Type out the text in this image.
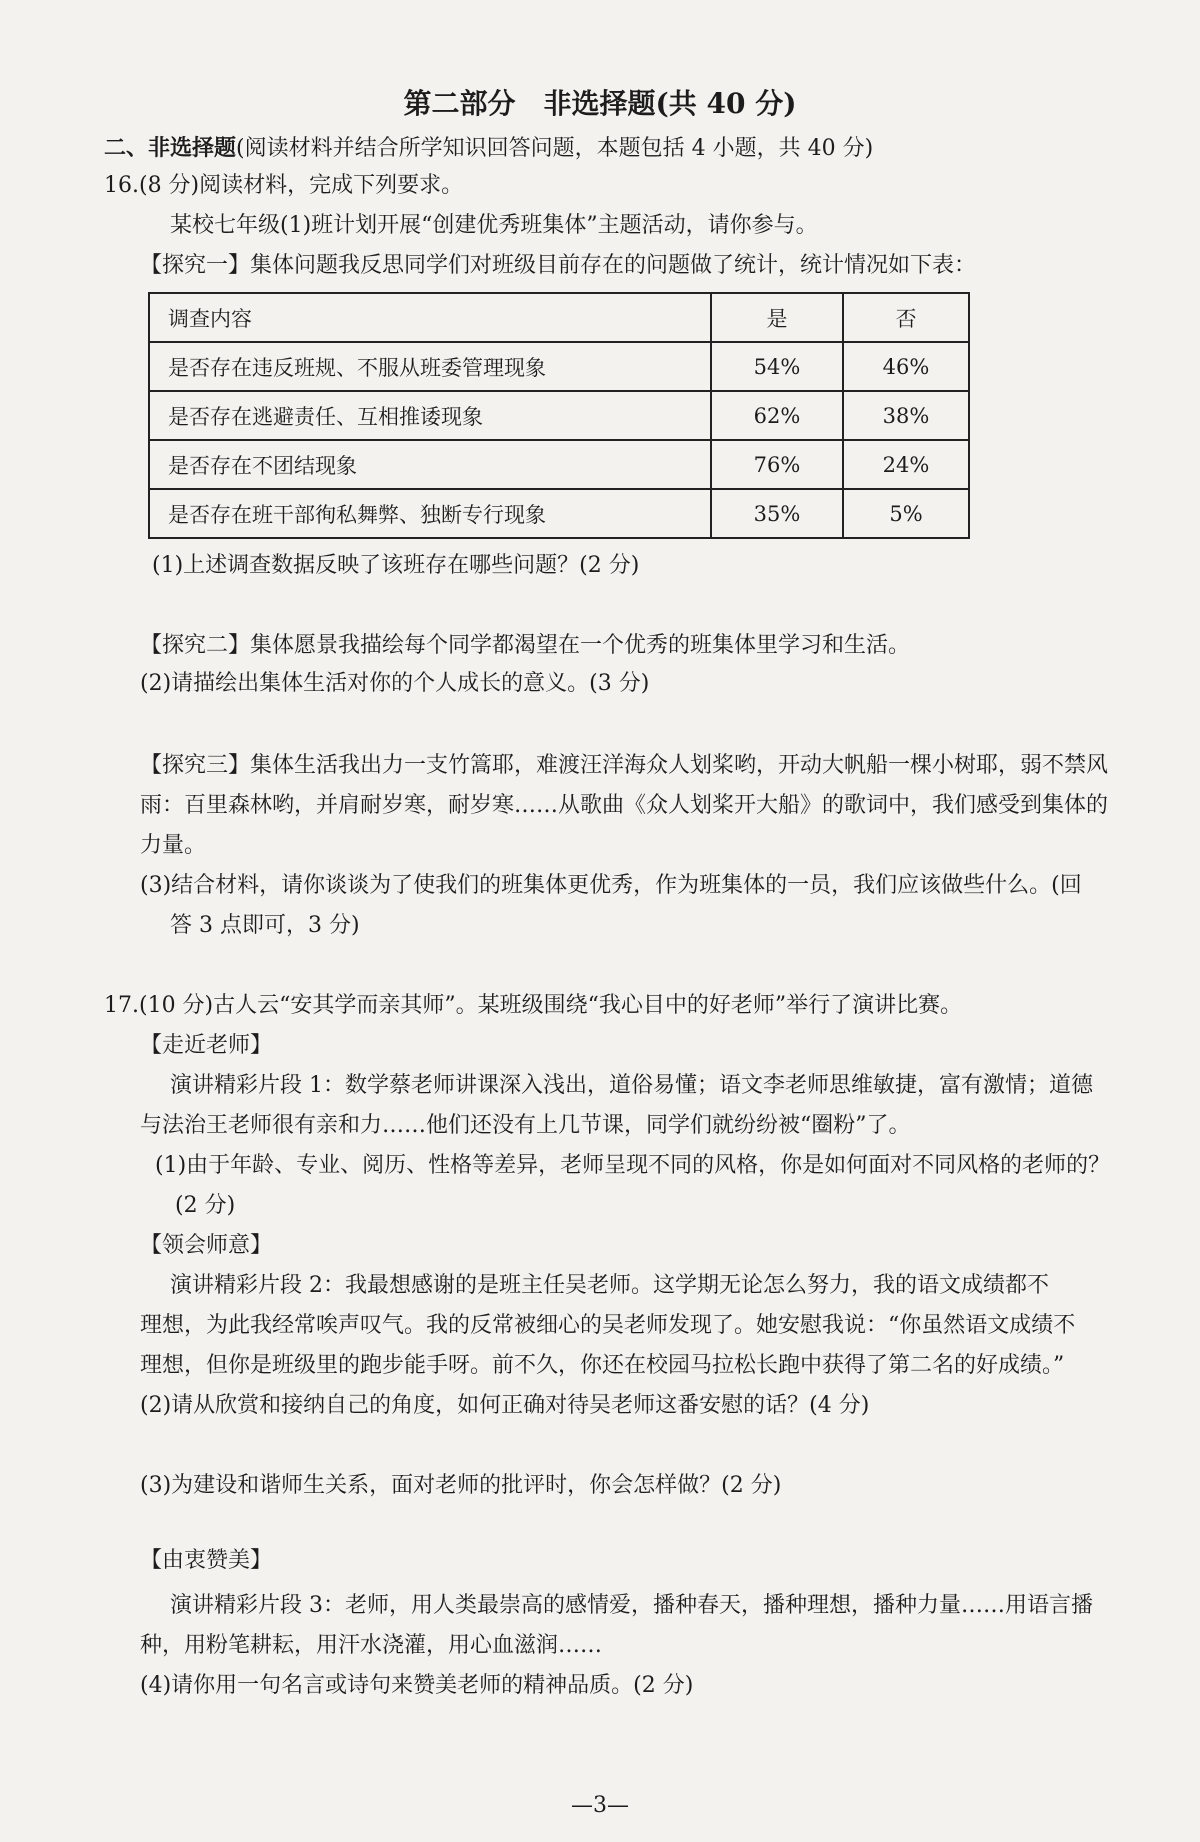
第二部分　非选择题(共 40 分)

二、非选择题(阅读材料并结合所学知识回答问题，本题包括 4 小题，共 40 分)

16.(8 分)阅读材料，完成下列要求。

某校七年级(1)班计划开展“创建优秀班集体”主题活动，请你参与。

【探究一】集体问题我反思同学们对班级目前存在的问题做了统计，统计情况如下表：

调查内容	是	否
是否存在违反班规、不服从班委管理现象	54%	46%
是否存在逃避责任、互相推诿现象	62%	38%
是否存在不团结现象	76%	24%
是否存在班干部徇私舞弊、独断专行现象	35%	5%

(1)上述调查数据反映了该班存在哪些问题？(2 分)

【探究二】集体愿景我描绘每个同学都渴望在一个优秀的班集体里学习和生活。

(2)请描绘出集体生活对你的个人成长的意义。(3 分)

【探究三】集体生活我出力一支竹篙耶，难渡汪洋海众人划桨哟，开动大帆船一棵小树耶，弱不禁风

雨：百里森林哟，并肩耐岁寒，耐岁寒……从歌曲《众人划桨开大船》的歌词中，我们感受到集体的

力量。

(3)结合材料，请你谈谈为了使我们的班集体更优秀，作为班集体的一员，我们应该做些什么。(回

答 3 点即可，3 分)

17.(10 分)古人云“安其学而亲其师”。某班级围绕“我心目中的好老师”举行了演讲比赛。

【走近老师】

演讲精彩片段 1：数学蔡老师讲课深入浅出，道俗易懂；语文李老师思维敏捷，富有激情；道德

与法治王老师很有亲和力……他们还没有上几节课，同学们就纷纷被“圈粉”了。

(1)由于年龄、专业、阅历、性格等差异，老师呈现不同的风格，你是如何面对不同风格的老师的？

(2 分)

【领会师意】

演讲精彩片段 2：我最想感谢的是班主任吴老师。这学期无论怎么努力，我的语文成绩都不

理想，为此我经常唉声叹气。我的反常被细心的吴老师发现了。她安慰我说：“你虽然语文成绩不

理想，但你是班级里的跑步能手呀。前不久，你还在校园马拉松长跑中获得了第二名的好成绩。”

(2)请从欣赏和接纳自己的角度，如何正确对待吴老师这番安慰的话？(4 分)

(3)为建设和谐师生关系，面对老师的批评时，你会怎样做？(2 分)

【由衷赞美】

演讲精彩片段 3：老师，用人类最崇高的感情爱，播种春天，播种理想，播种力量……用语言播

种，用粉笔耕耘，用汗水浇灌，用心血滋润……

(4)请你用一句名言或诗句来赞美老师的精神品质。(2 分)

—3—
